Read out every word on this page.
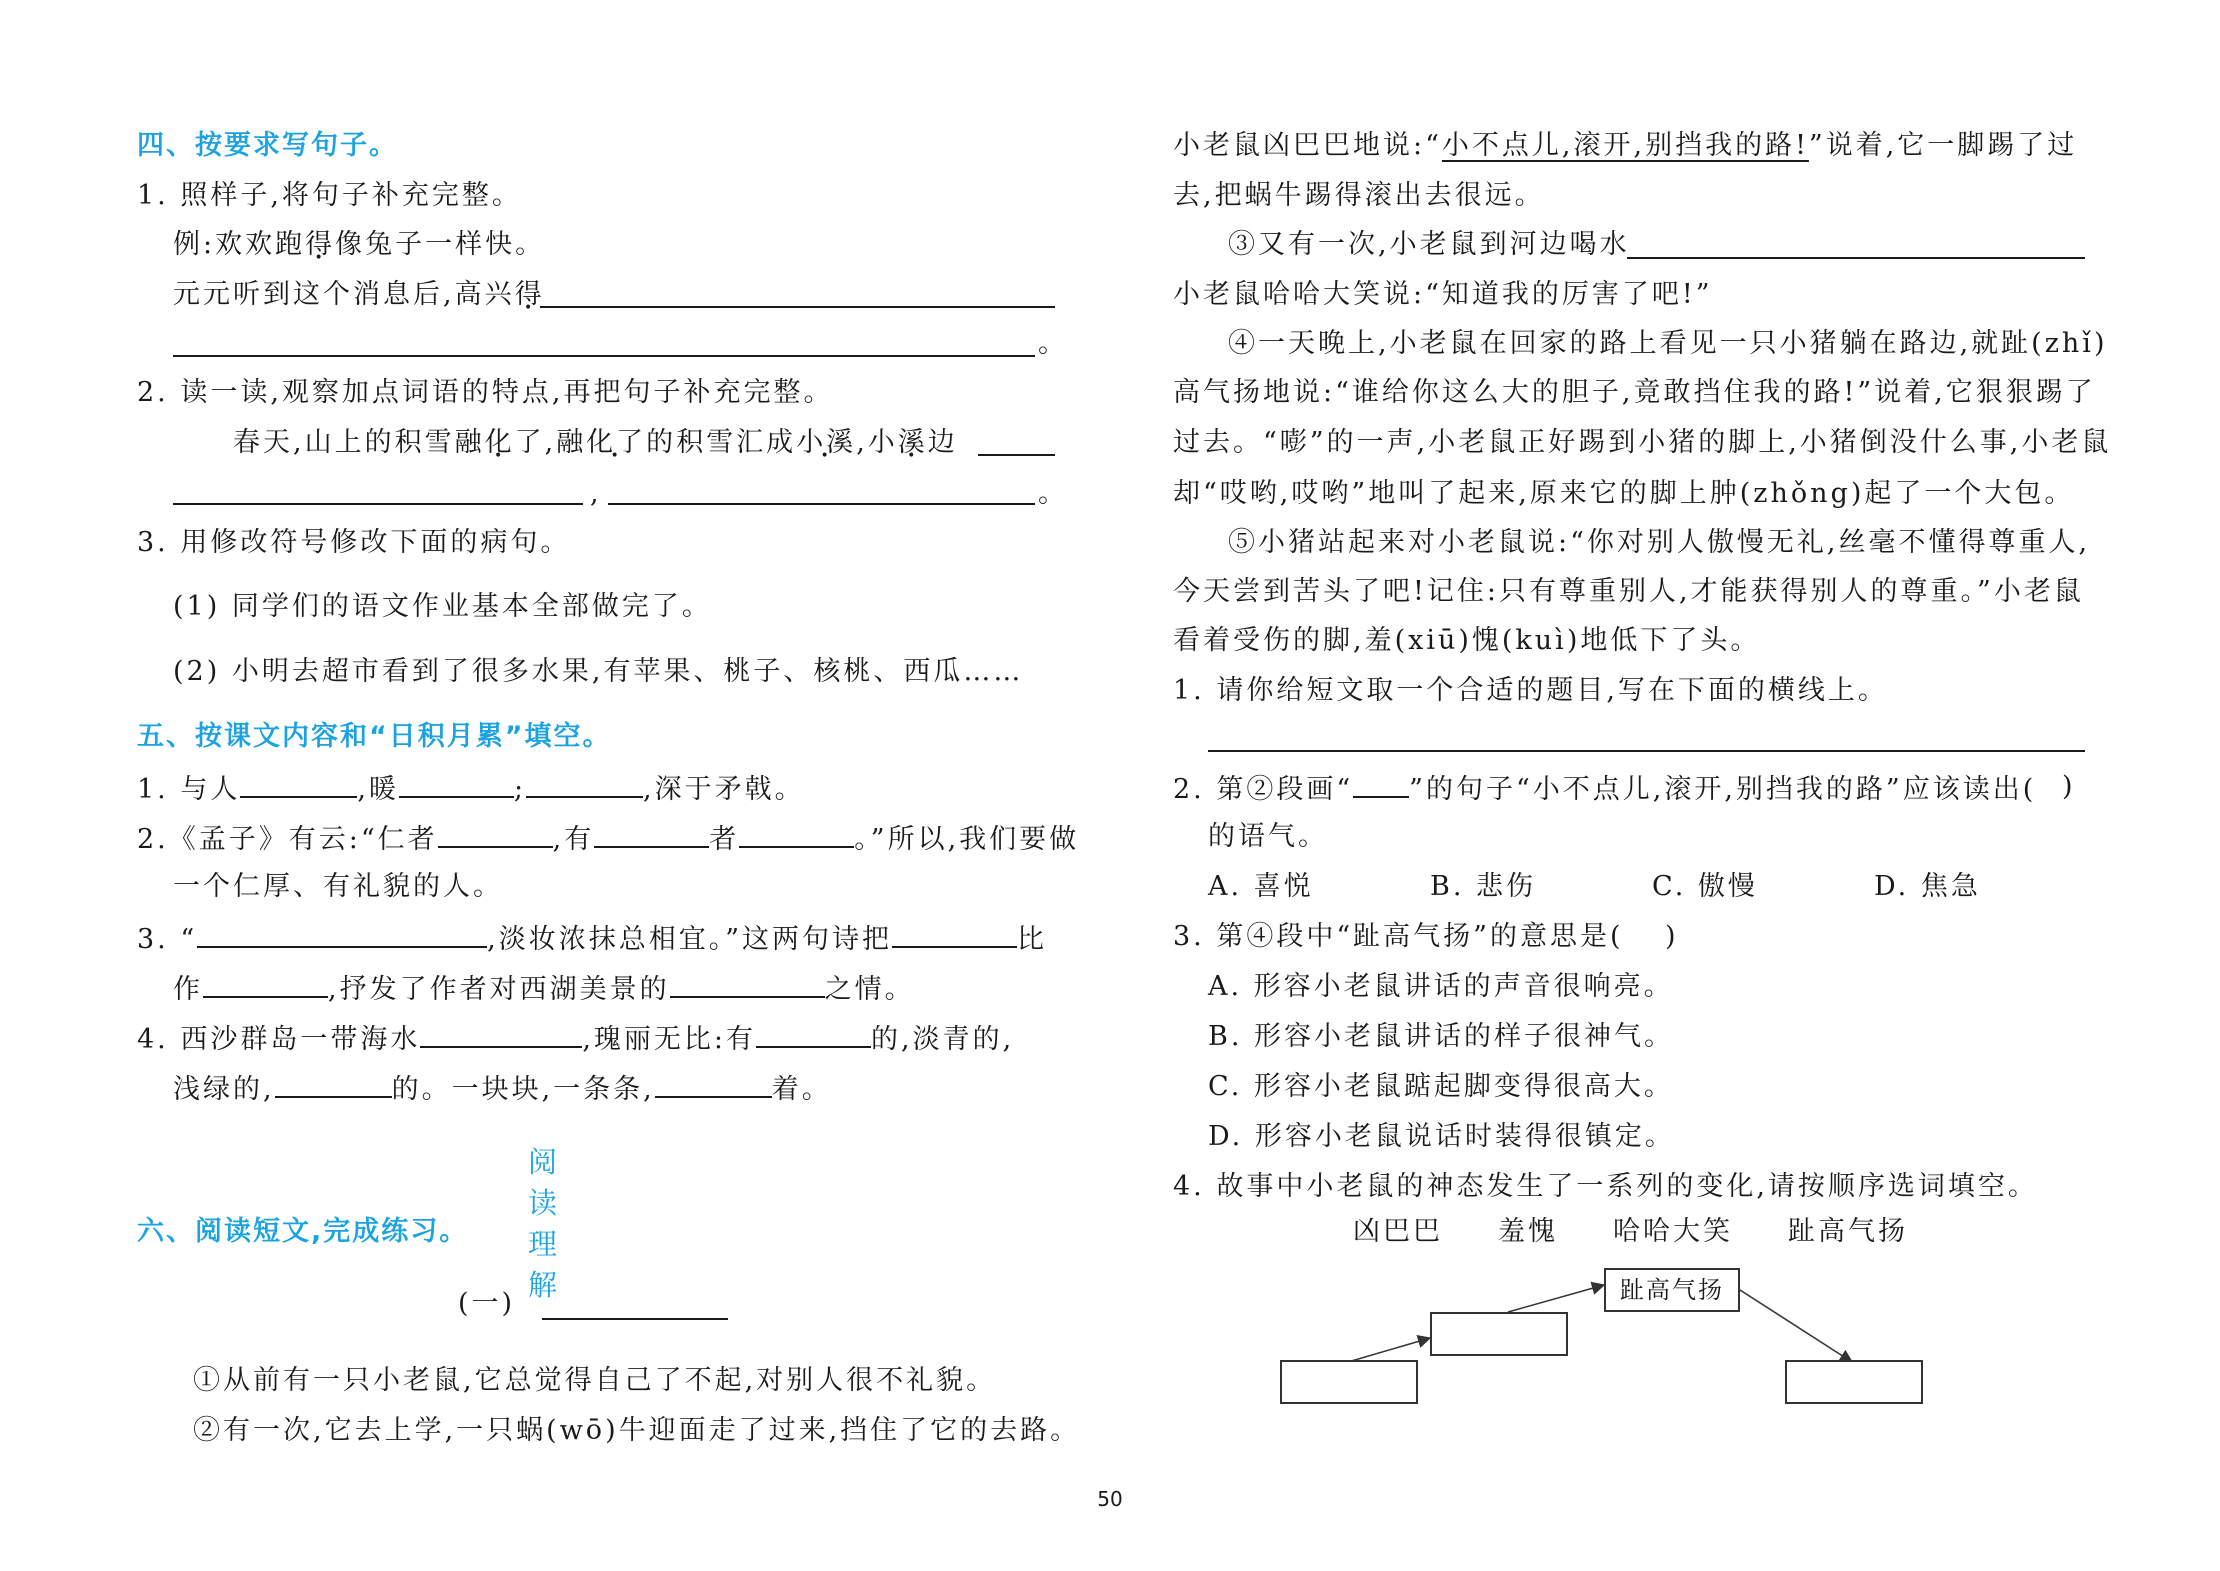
四、按要求写句子。
1. 照样子,将句子补充完整。
例:欢欢跑得像兔子一样快。
元元听到这个消息后,高兴得
。
2. 读一读,观察加点词语的特点,再把句子补充完整。
春天,山上的积雪融化了,融化了的积雪汇成小溪,小溪边
,	。
3. 用修改符号修改下面的病句。
(1) 同学们的语文作业基本全部做完了。
(2) 小明去超市看到了很多水果,有苹果、桃子、核桃、西瓜……
五、按课文内容和“日积月累”填空。
1. 与人	,暖	;	,深于矛戟。
2.《孟子》有云:“仁者	,有	者	。”所以,我们要做
一个仁厚、有礼貌的人。
3. “	,淡妆浓抹总相宜。”这两句诗把	比
作	,抒发了作者对西湖美景的	之情。
4. 西沙群岛一带海水	,瑰丽无比:有	的,淡青的,
浅绿的,	的。一块块,一条条,	着。
阅读理解
六、阅读短文,完成练习。
(一)
①从前有一只小老鼠,它总觉得自己了不起,对别人很不礼貌。
②有一次,它去上学,一只蜗(wō)牛迎面走了过来,挡住了它的去路。
小老鼠凶巴巴地说:“小不点儿,滚开,别挡我的路!”说着,它一脚踢了过
去,把蜗牛踢得滚出去很远。
③又有一次,小老鼠到河边喝水
小老鼠哈哈大笑说:“知道我的厉害了吧!”
④一天晚上,小老鼠在回家的路上看见一只小猪躺在路边,就趾(zhǐ)
高气扬地说:“谁给你这么大的胆子,竟敢挡住我的路!”说着,它狠狠踢了
过去。“嘭”的一声,小老鼠正好踢到小猪的脚上,小猪倒没什么事,小老鼠
却“哎哟,哎哟”地叫了起来,原来它的脚上肿(zhǒng)起了一个大包。
⑤小猪站起来对小老鼠说:“你对别人傲慢无礼,丝毫不懂得尊重人,
今天尝到苦头了吧!记住:只有尊重别人,才能获得别人的尊重。”小老鼠
看着受伤的脚,羞(xiū)愧(kuì)地低下了头。
1. 请你给短文取一个合适的题目,写在下面的横线上。
2. 第②段画“ ”的句子“小不点儿,滚开,别挡我的路”应该读出( )
的语气。
A. 喜悦	B. 悲伤	C. 傲慢	D. 焦急
3. 第④段中“趾高气扬”的意思是( )
A. 形容小老鼠讲话的声音很响亮。
B. 形容小老鼠讲话的样子很神气。
C. 形容小老鼠踮起脚变得很高大。
D. 形容小老鼠说话时装得很镇定。
4. 故事中小老鼠的神态发生了一系列的变化,请按顺序选词填空。
凶巴巴 羞愧 哈哈大笑 趾高气扬
趾高气扬
50
